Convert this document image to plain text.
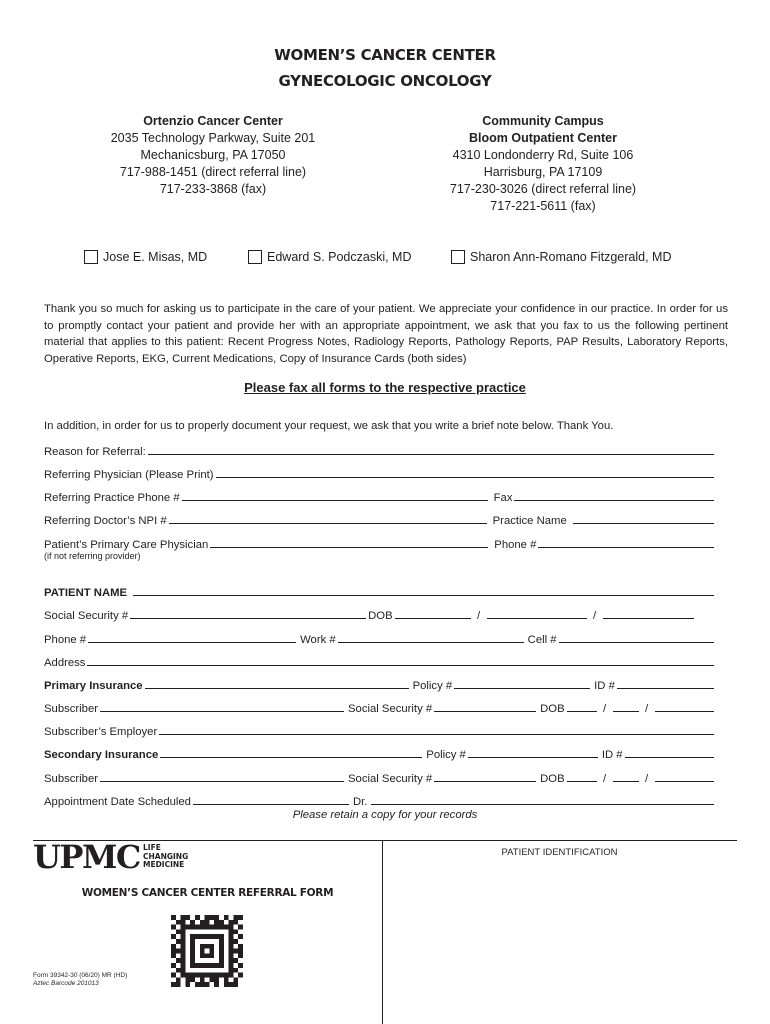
WOMEN’S CANCER CENTER
GYNECOLOGIC ONCOLOGY
Ortenzio Cancer Center
2035 Technology Parkway, Suite 201
Mechanicsburg, PA 17050
717-988-1451 (direct referral line)
717-233-3868 (fax)
Community Campus
Bloom Outpatient Center
4310 Londonderry Rd, Suite 106
Harrisburg, PA 17109
717-230-3026 (direct referral line)
717-221-5611 (fax)
Jose E. Misas, MD	Edward S. Podczaski, MD	Sharon Ann-Romano Fitzgerald, MD
Thank you so much for asking us to participate in the care of your patient. We appreciate your confidence in our practice. In order for us to promptly contact your patient and provide her with an appropriate appointment, we ask that you fax to us the following pertinent material that applies to this patient: Recent Progress Notes, Radiology Reports, Pathology Reports, PAP Results, Laboratory Reports, Operative Reports, EKG, Current Medications, Copy of Insurance Cards (both sides)
Please fax all forms to the respective practice
In addition, in order for us to properly document your request, we ask that you write a brief note below. Thank You.
Reason for Referral:
Referring Physician (Please Print)
Referring Practice Phone #	Fax
Referring Doctor’s NPI #	Practice Name
Patient’s Primary Care Physician	Phone #
(if not referring provider)
PATIENT NAME
Social Security #	DOB	/	/
Phone #	Work #	Cell #
Address
Primary Insurance	Policy #	ID #
Subscriber	Social Security #	DOB	/	/
Subscriber’s Employer
Secondary Insurance	Policy #	ID #
Subscriber	Social Security #	DOB	/	/
Appointment Date Scheduled	Dr.
Please retain a copy for your records
UPMC LIFE
CHANGING
MEDICINE
PATIENT IDENTIFICATION
WOMEN’S CANCER CENTER REFERRAL FORM
Form 39342-30 (06/20) MR (HD)
Aztec Barcode 201013
